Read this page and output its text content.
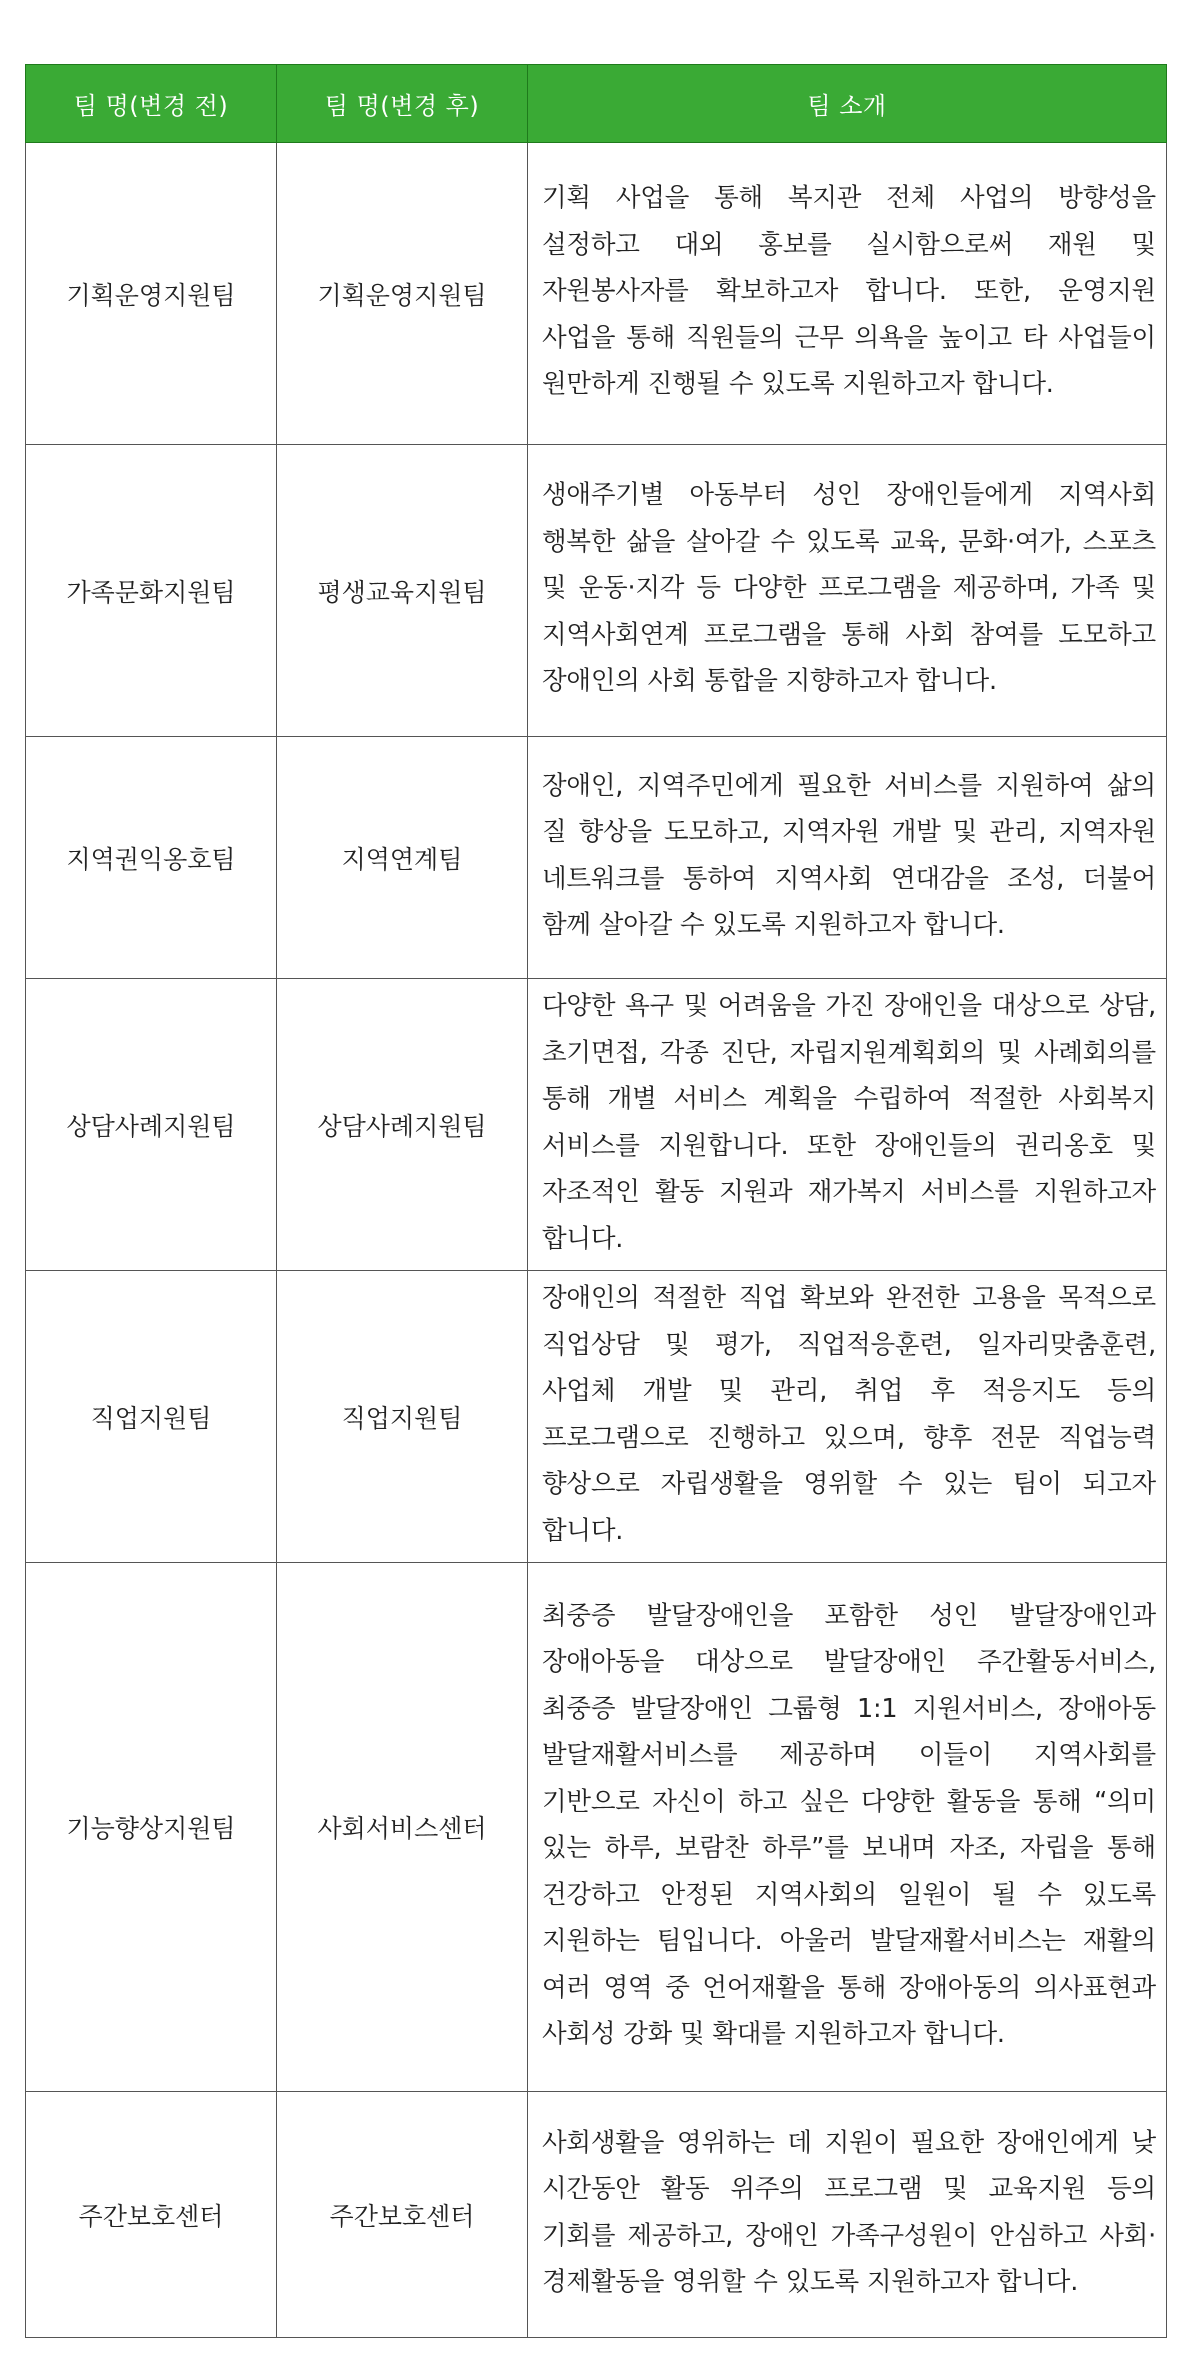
팀 명(변경 전)	팀 명(변경 후)	팀 소개
기획운영지원팀	기획운영지원팀	기획 사업을 통해 복지관 전체 사업의 방향성을 설정하고 대외 홍보를 실시함으로써 재원 및 자원봉사자를 확보하고자 합니다. 또한, 운영지원 사업을 통해 직원들의 근무 의욕을 높이고 타 사업들이 원만하게 진행될 수 있도록 지원하고자 합니다.
가족문화지원팀	평생교육지원팀	생애주기별 아동부터 성인 장애인들에게 지역사회 행복한 삶을 살아갈 수 있도록 교육, 문화·여가, 스포츠 및 운동·지각 등 다양한 프로그램을 제공하며, 가족 및 지역사회연계 프로그램을 통해 사회 참여를 도모하고 장애인의 사회 통합을 지향하고자 합니다.
지역권익옹호팀	지역연계팀	장애인, 지역주민에게 필요한 서비스를 지원하여 삶의 질 향상을 도모하고, 지역자원 개발 및 관리, 지역자원 네트워크를 통하여 지역사회 연대감을 조성, 더불어 함께 살아갈 수 있도록 지원하고자 합니다.
상담사례지원팀	상담사례지원팀	다양한 욕구 및 어려움을 가진 장애인을 대상으로 상담, 초기면접, 각종 진단, 자립지원계획회의 및 사례회의를 통해 개별 서비스 계획을 수립하여 적절한 사회복지 서비스를 지원합니다. 또한 장애인들의 권리옹호 및 자조적인 활동 지원과 재가복지 서비스를 지원하고자 합니다.
직업지원팀	직업지원팀	장애인의 적절한 직업 확보와 완전한 고용을 목적으로 직업상담 및 평가, 직업적응훈련, 일자리맞춤훈련, 사업체 개발 및 관리, 취업 후 적응지도 등의 프로그램으로 진행하고 있으며, 향후 전문 직업능력 향상으로 자립생활을 영위할 수 있는 팀이 되고자 합니다.
기능향상지원팀	사회서비스센터	최중증 발달장애인을 포함한 성인 발달장애인과 장애아동을 대상으로 발달장애인 주간활동서비스, 최중증 발달장애인 그룹형 1:1 지원서비스, 장애아동 발달재활서비스를 제공하며 이들이 지역사회를 기반으로 자신이 하고 싶은 다양한 활동을 통해 “의미 있는 하루, 보람찬 하루”를 보내며 자조, 자립을 통해 건강하고 안정된 지역사회의 일원이 될 수 있도록 지원하는 팀입니다. 아울러 발달재활서비스는 재활의 여러 영역 중 언어재활을 통해 장애아동의 의사표현과 사회성 강화 및 확대를 지원하고자 합니다.
주간보호센터	주간보호센터	사회생활을 영위하는 데 지원이 필요한 장애인에게 낮 시간동안 활동 위주의 프로그램 및 교육지원 등의 기회를 제공하고, 장애인 가족구성원이 안심하고 사회·경제활동을 영위할 수 있도록 지원하고자 합니다.
